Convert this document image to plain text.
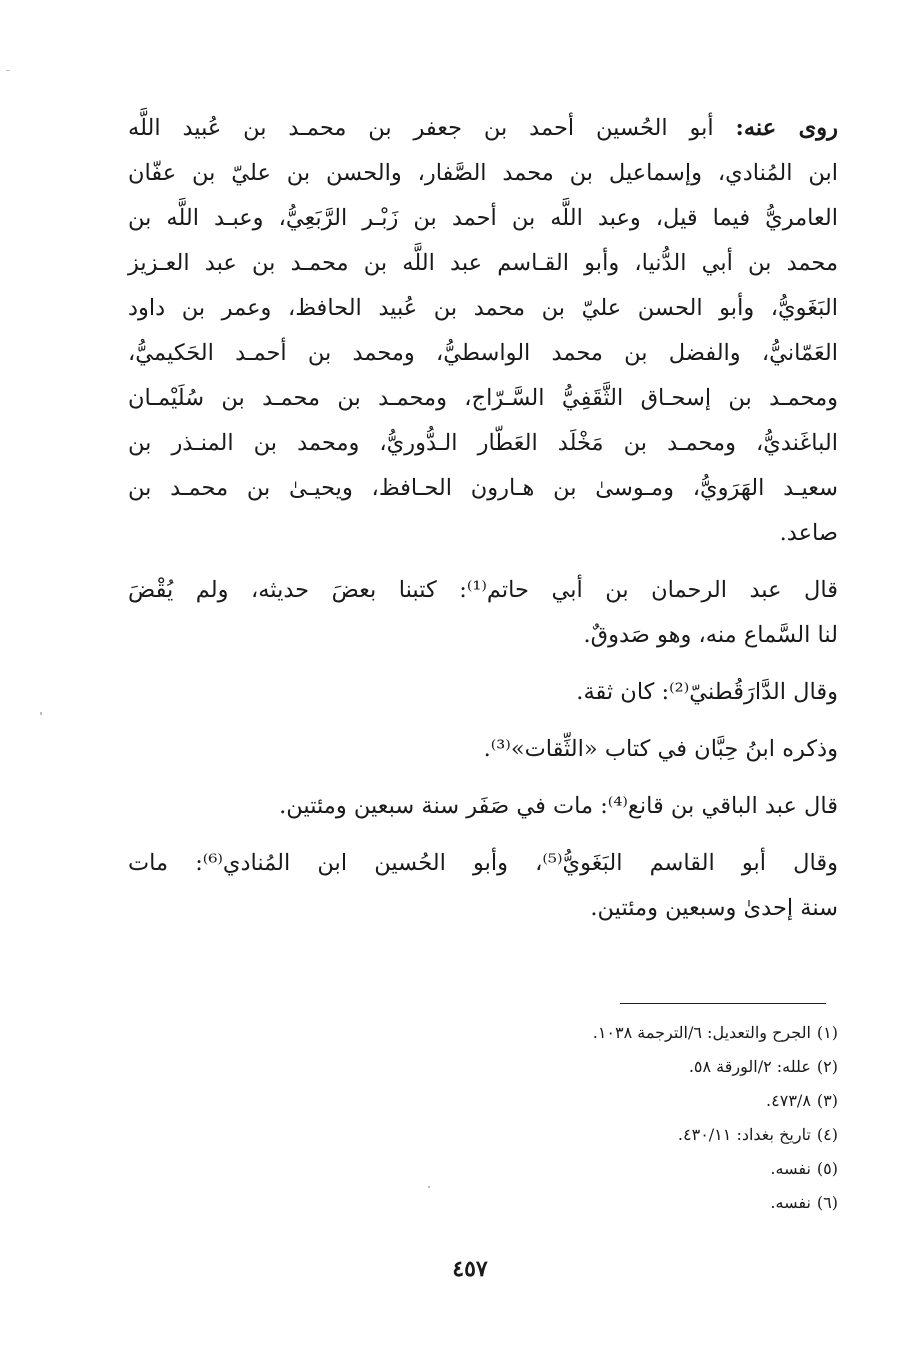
روى عنه: أبو الحُسين أحمد بن جعفر بن محمـد بن عُبيد اللَّه
ابن المُنادي، وإسماعيل بن محمد الصَّفار، والحسن بن عليّ بن عفّان
العامريُّ فيما قيل، وعبد اللَّه بن أحمد بن زَبْـر الرَّبَعِيُّ، وعبـد اللَّه بن
محمد بن أبي الدُّنيا، وأبو القـاسم عبد اللَّه بن محمـد بن عبد العـزيز
البَغَويُّ، وأبو الحسن عليّ بن محمد بن عُبيد الحافظ، وعمر بن داود
العَمّانيُّ، والفضل بن محمد الواسطيُّ، ومحمد بن أحمـد الحَكيميُّ،
ومحمـد بن إسحـاق الثَّقَفِيُّ السَّـرّاج، ومحمـد بن محمـد بن سُلَيْمـان
الباغَنديُّ، ومحمـد بن مَخْلَد العَطّار الـدُّوريُّ، ومحمد بن المنـذر بن
سعيـد الهَرَويُّ، ومـوسىٰ بن هـارون الحـافظ، ويحيـىٰ بن محمـد بن
صاعد.
قال عبد الرحمان بن أبي حاتم⁽¹⁾: كتبنا بعضَ حديثه، ولم يُقْضَ
لنا السَّماع منه، وهو صَدوقٌ.
وقال الدَّارَقُطنيّ⁽²⁾: كان ثقة.
وذكره ابنُ حِبَّان في كتاب «الثِّقات»⁽³⁾.
قال عبد الباقي بن قانع⁽⁴⁾: مات في صَفَر سنة سبعين ومئتين.
وقال أبو القاسم البَغَويُّ⁽⁵⁾، وأبو الحُسين ابن المُنادي⁽⁶⁾: مات
سنة إحدىٰ وسبعين ومئتين.
(١)الجرح والتعديل: ٦/الترجمة ١٠٣٨.
(٢)علله: ٢/الورقة ٥٨.
(٣)٤٧٣/٨.
(٤)تاريخ بغداد: ٤٣٠/١١.
(٥)نفسه.
(٦)نفسه.
٤٥٧
